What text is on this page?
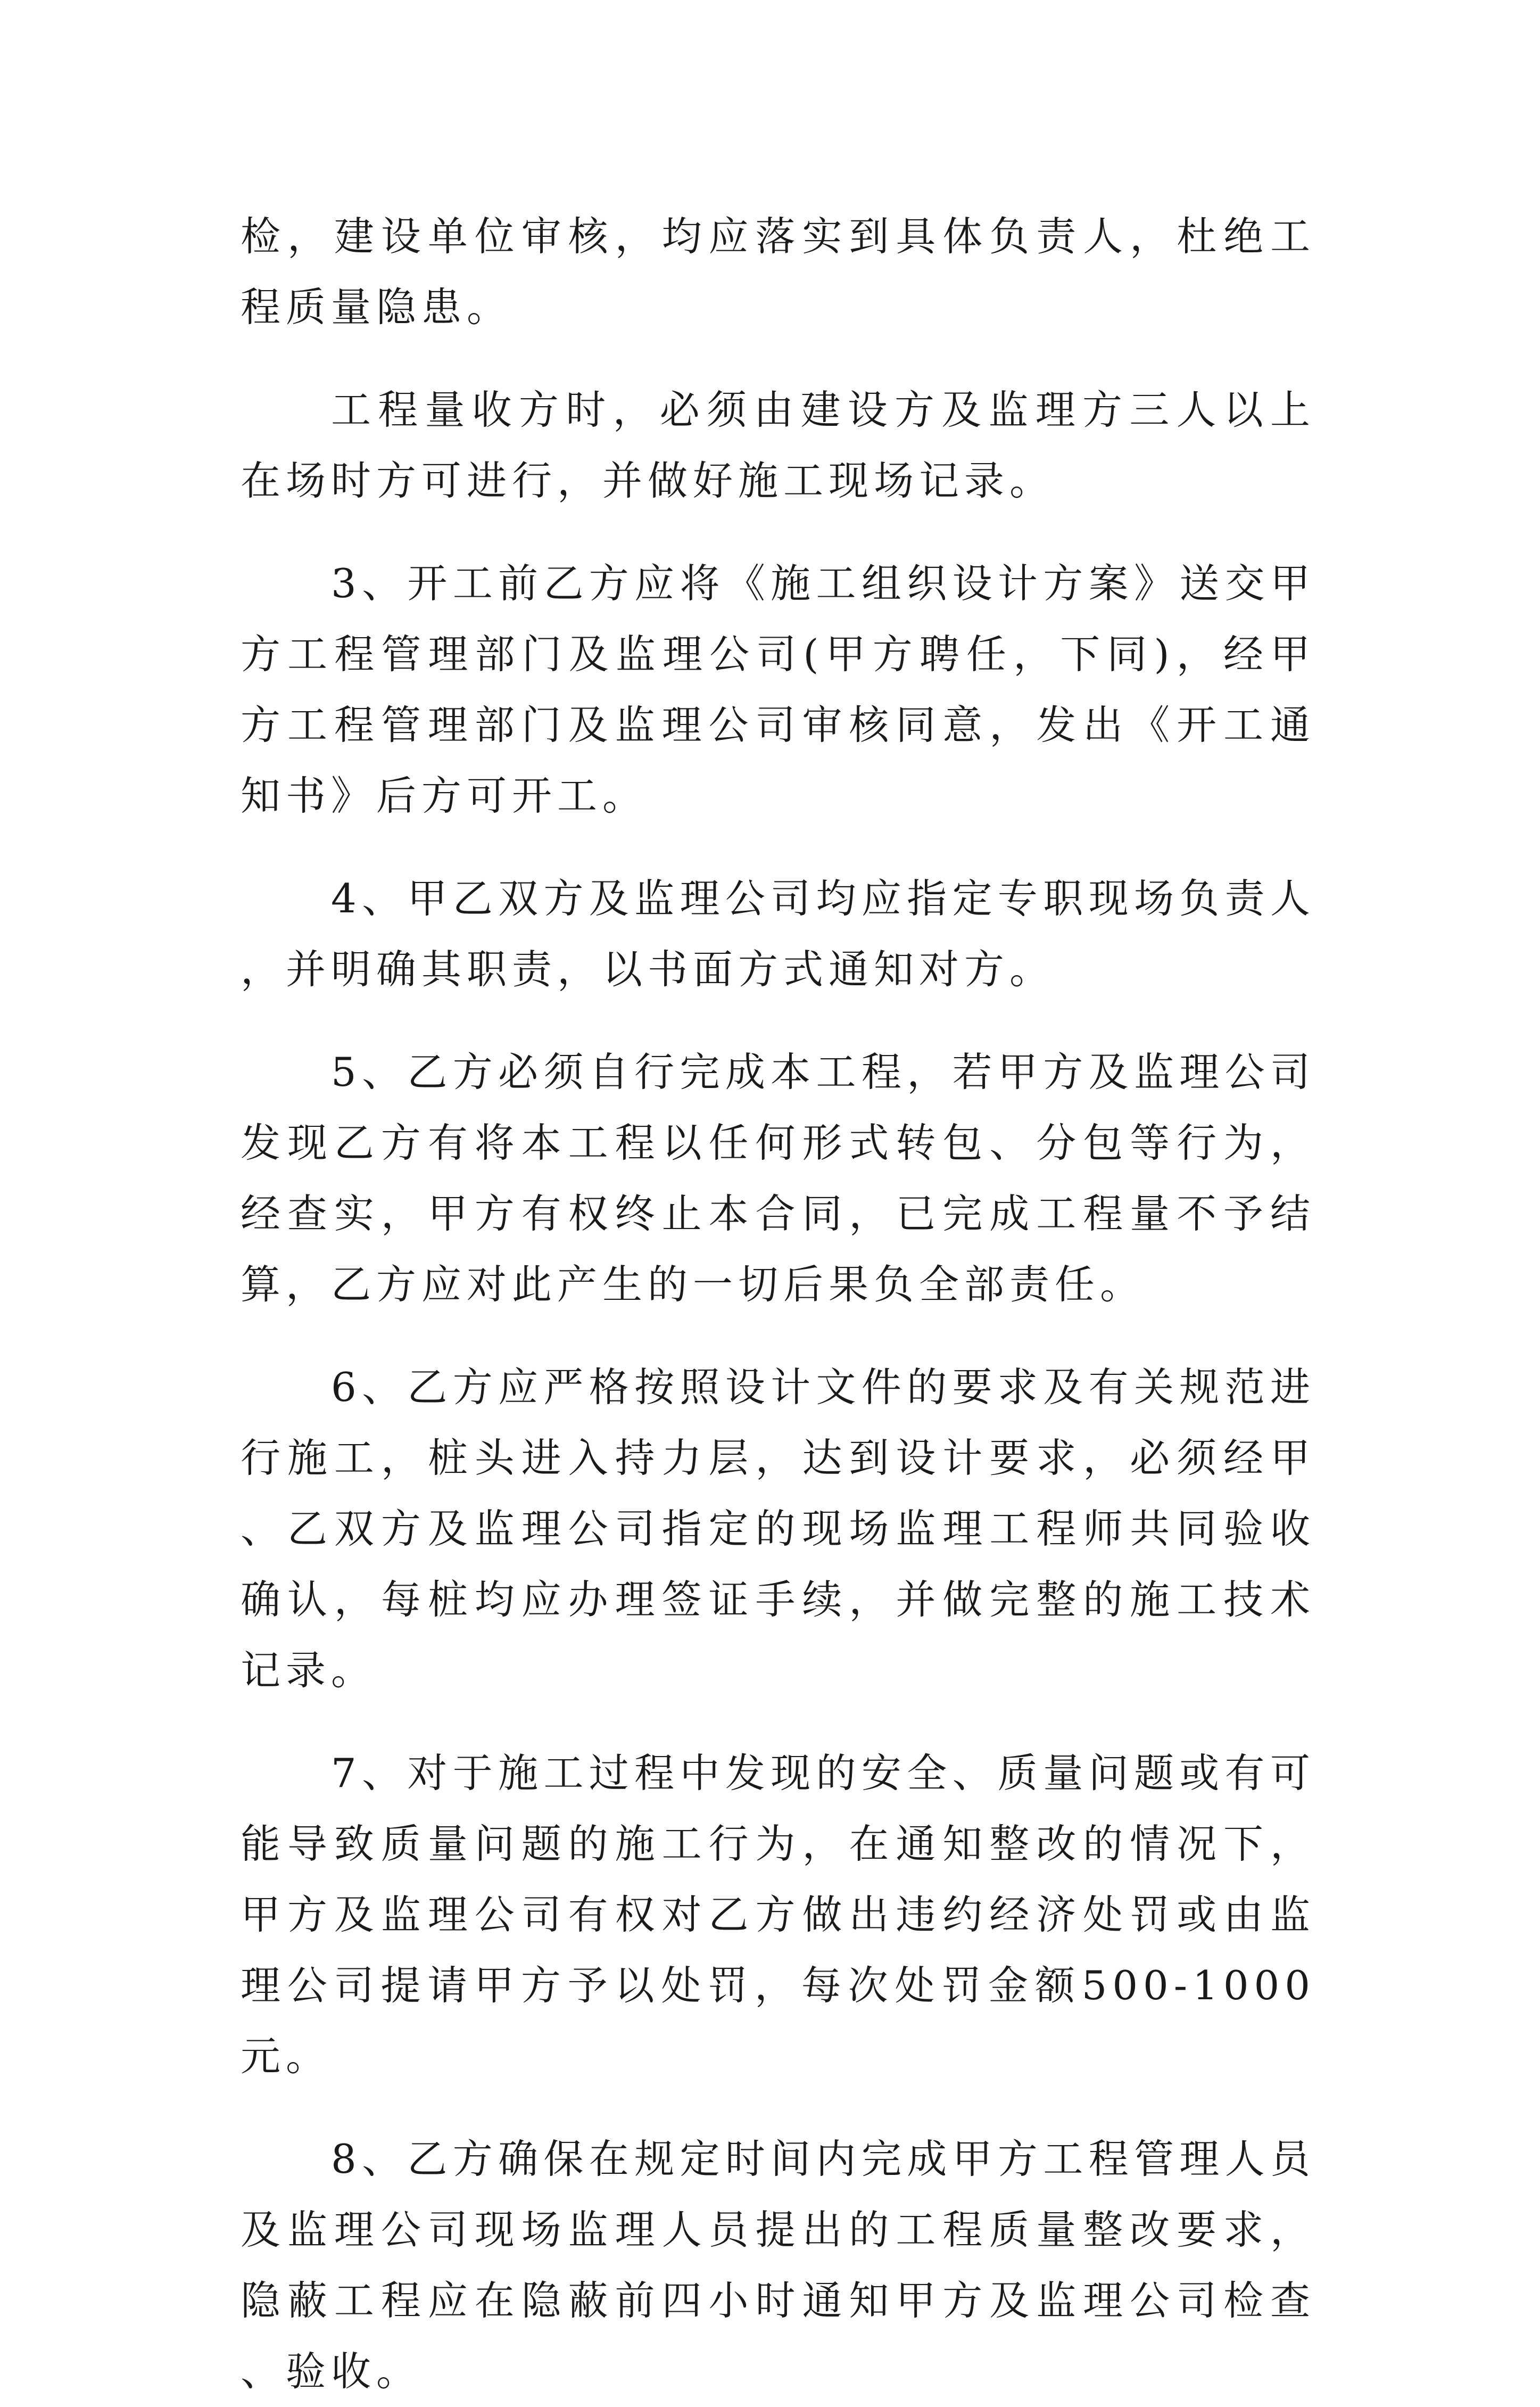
检，建设单位审核，均应落实到具体负责人，杜绝工程质量隐患。

工程量收方时，必须由建设方及监理方三人以上在场时方可进行，并做好施工现场记录。

3、开工前乙方应将《施工组织设计方案》送交甲方工程管理部门及监理公司(甲方聘任，下同)，经甲方工程管理部门及监理公司审核同意，发出《开工通知书》后方可开工。

4、甲乙双方及监理公司均应指定专职现场负责人，并明确其职责，以书面方式通知对方。

5、乙方必须自行完成本工程，若甲方及监理公司发现乙方有将本工程以任何形式转包、分包等行为，经查实，甲方有权终止本合同，已完成工程量不予结算，乙方应对此产生的一切后果负全部责任。

6、乙方应严格按照设计文件的要求及有关规范进行施工，桩头进入持力层，达到设计要求，必须经甲、乙双方及监理公司指定的现场监理工程师共同验收确认，每桩均应办理签证手续，并做完整的施工技术记录。

7、对于施工过程中发现的安全、质量问题或有可能导致质量问题的施工行为，在通知整改的情况下，甲方及监理公司有权对乙方做出违约经济处罚或由监理公司提请甲方予以处罚，每次处罚金额500-1000元。

8、乙方确保在规定时间内完成甲方工程管理人员及监理公司现场监理人员提出的工程质量整改要求，隐蔽工程应在隐蔽前四小时通知甲方及监理公司检查、验收。
